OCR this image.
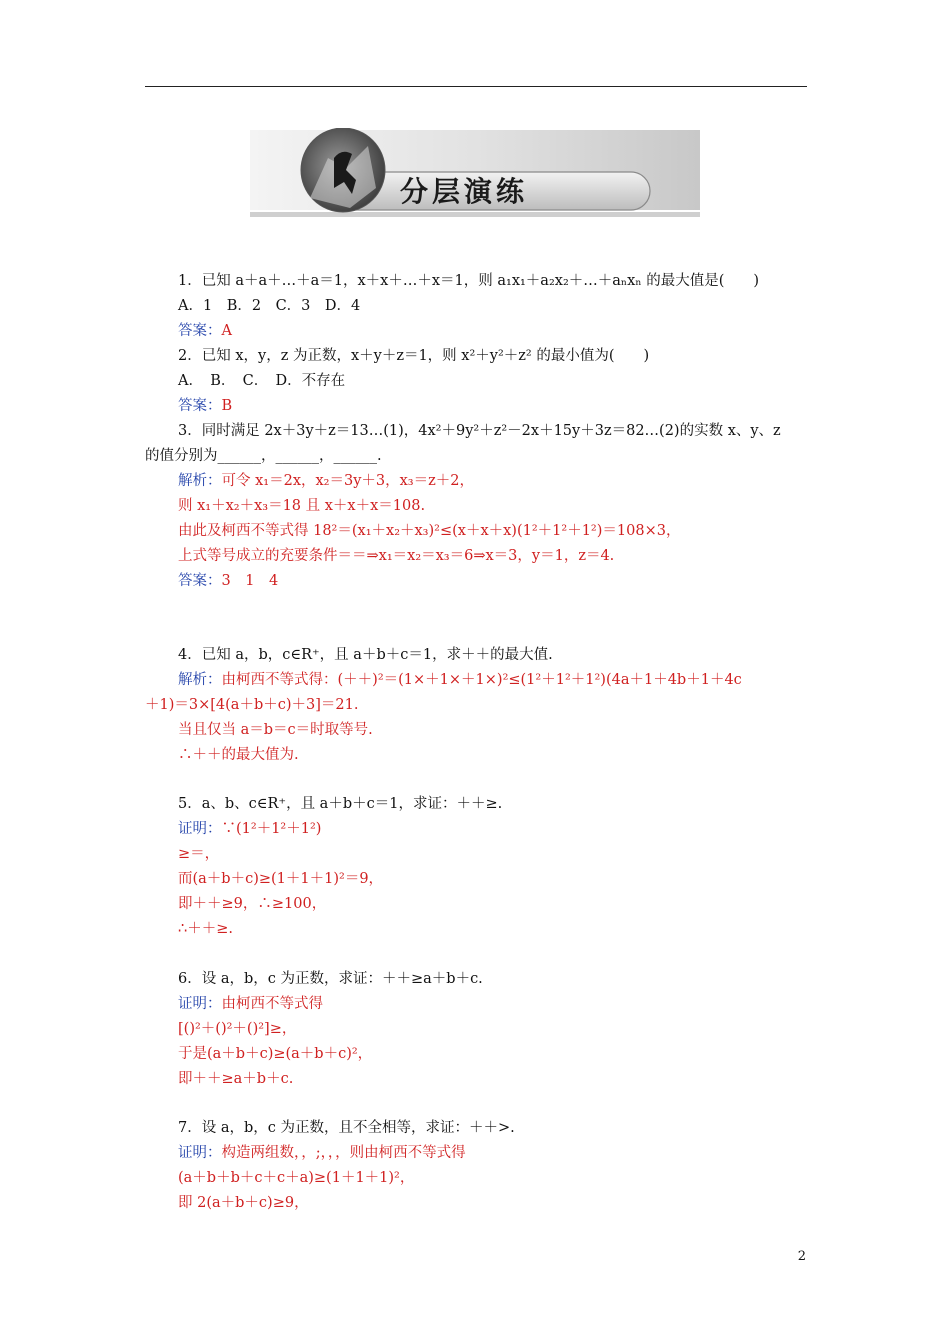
分层演练
1．已知 a＋a＋…＋a＝1，x＋x＋…＋x＝1，则 a₁x₁＋a₂x₂＋…＋aₙxₙ 的最大值是(　　)
A．1　B．2　C．3　D．4
答案：A
2．已知 x，y，z 为正数，x＋y＋z＝1，则 x²＋y²＋z² 的最小值为(　　)
A．　B．　C．　D．不存在
答案：B
3．同时满足 2x＋3y＋z＝13…(1)，4x²＋9y²＋z²－2x＋15y＋3z＝82…(2)的实数 x、y、z
的值分别为______，______，______.
解析：可令 x₁＝2x，x₂＝3y＋3，x₃＝z＋2，
则 x₁＋x₂＋x₃＝18 且 x＋x＋x＝108.
由此及柯西不等式得 18²＝(x₁＋x₂＋x₃)²≤(x＋x＋x)(1²＋1²＋1²)＝108×3，
上式等号成立的充要条件＝＝⇒x₁＝x₂＝x₃＝6⇒x＝3，y＝1，z＝4.
答案：3　1　4
4．已知 a，b，c∈R⁺，且 a＋b＋c＝1，求＋＋的最大值.
解析：由柯西不等式得：(＋＋)²＝(1×＋1×＋1×)²≤(1²＋1²＋1²)(4a＋1＋4b＋1＋4c
＋1)＝3×[4(a＋b＋c)＋3]＝21.
当且仅当 a＝b＝c＝时取等号.
∴＋＋的最大值为.
5．a、b、c∈R⁺，且 a＋b＋c＝1，求证：＋＋≥.
证明：∵(1²＋1²＋1²)
≥＝，
而(a＋b＋c)≥(1＋1＋1)²＝9，
即＋＋≥9，∴≥100，
∴＋＋≥.
6．设 a，b，c 为正数，求证：＋＋≥a＋b＋c.
证明：由柯西不等式得
[()²＋()²＋()²]≥，
于是(a＋b＋c)≥(a＋b＋c)²，
即＋＋≥a＋b＋c.
7．设 a，b，c 为正数，且不全相等，求证：＋＋>.
证明：构造两组数，，;，，，则由柯西不等式得
(a＋b＋b＋c＋c＋a)≥(1＋1＋1)²，
即 2(a＋b＋c)≥9，
2
